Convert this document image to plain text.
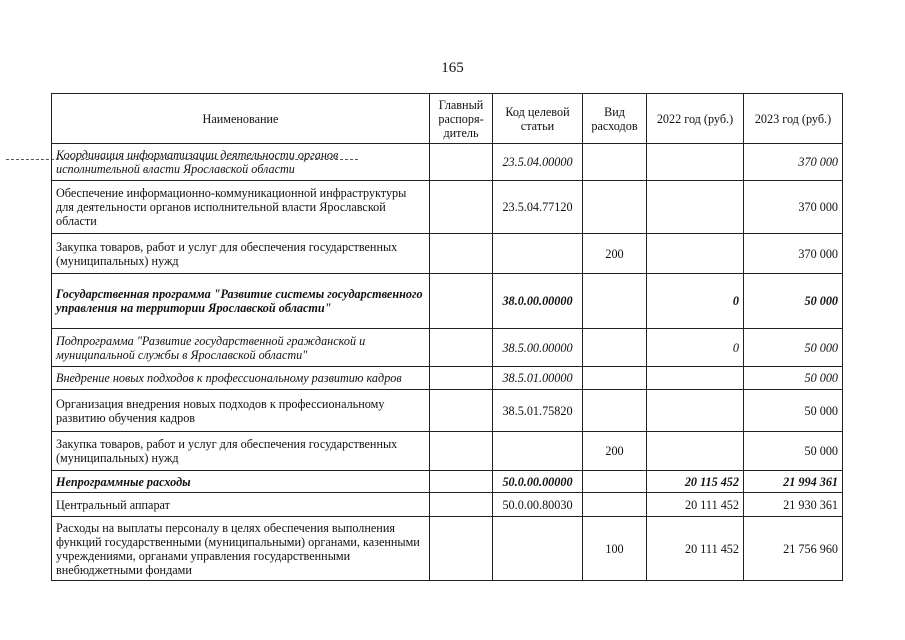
165
Наименование	Главный распоря-дитель	Код целевой статьи	Вид расходов	2022 год (руб.)	2023 год (руб.)
Координация информатизации деятельности органов исполнительной власти Ярославской области		23.5.04.00000			370 000
Обеспечение информационно-коммуникационной инфраструктуры для деятельности органов исполнительной власти Ярославской области		23.5.04.77120			370 000
Закупка товаров, работ и услуг для обеспечения государственных (муниципальных) нужд			200		370 000
Государственная программа "Развитие системы государственного управления на территории Ярославской области"		38.0.00.00000		0	50 000
Подпрограмма "Развитие государственной гражданской и муниципальной службы в Ярославской области"		38.5.00.00000		0	50 000
Внедрение новых подходов к профессиональному развитию кадров		38.5.01.00000			50 000
Организация внедрения новых подходов к профессиональному развитию обучения кадров		38.5.01.75820			50 000
Закупка товаров, работ и услуг для обеспечения государственных (муниципальных) нужд			200		50 000
Непрограммные расходы		50.0.00.00000		20 115 452	21 994 361
Центральный аппарат		50.0.00.80030		20 111 452	21 930 361
Расходы на выплаты персоналу в целях обеспечения выполнения функций государственными (муниципальными) органами, казенными учреждениями, органами управления государственными внебюджетными фондами			100	20 111 452	21 756 960
